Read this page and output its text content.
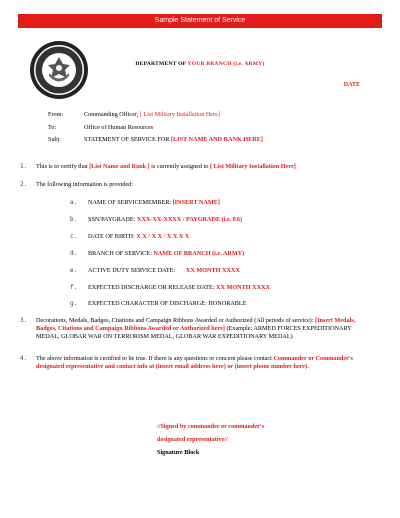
Sample Statement of Service
DEPARTMENT OF YOUR BRANCH (i.e. ARMY)
DATE
From:	Commanding Officer, [ List Military Installation Here]
To:	Office of Human Resources
Subj:	STATEMENT OF SERVICE FOR [LIST NAME AND RANK HERE]
1. This is to certify that [List Name and Rank ] is currently assigned to [ List Military Installation Here]
2. The following information is provided:
a. NAME OF SERVICEMEMBER: [INSERT NAME]
b. SSN/PAYGRADE: XXX-XX-XXXX / PAYGRADE (i.e. E6)
c. DATE OF BIRTH: X X / X X / X X X X
d. BRANCH OF SERVICE: NAME OF BRANCH (i.e. ARMY)
e. ACTIVE DUTY SERVICE DATE:       XX MONTH XXXX
f. EXPECTED DISCHARGE OR RELEASE DATE: XX MONTH XXXX
g. EXPECTED CHARACTER OF DISCHARGE: HONORABLE
3. Decorations, Medals, Badges, Citations and Campaign Ribbons Awarded or Authorized (All periods of service): [Insert Medals, Badges, Citations and Campaign Ribbons Awarded or Authorized here] (Example: ARMED FORCES EXPEDITIONARY MEDAL, GLOBAR WAR ON TERRORISM MEDAL, GLOBAR WAR EXPEDITIONARY MEDAL)
4. The above information is certified to be true. If there is any questions or concern please contact Commander or Commander's designated representative and contact info at (insert email address here) or (insert phone number here).
//Signed by commander or commander's
designated representative//
Signature Block
